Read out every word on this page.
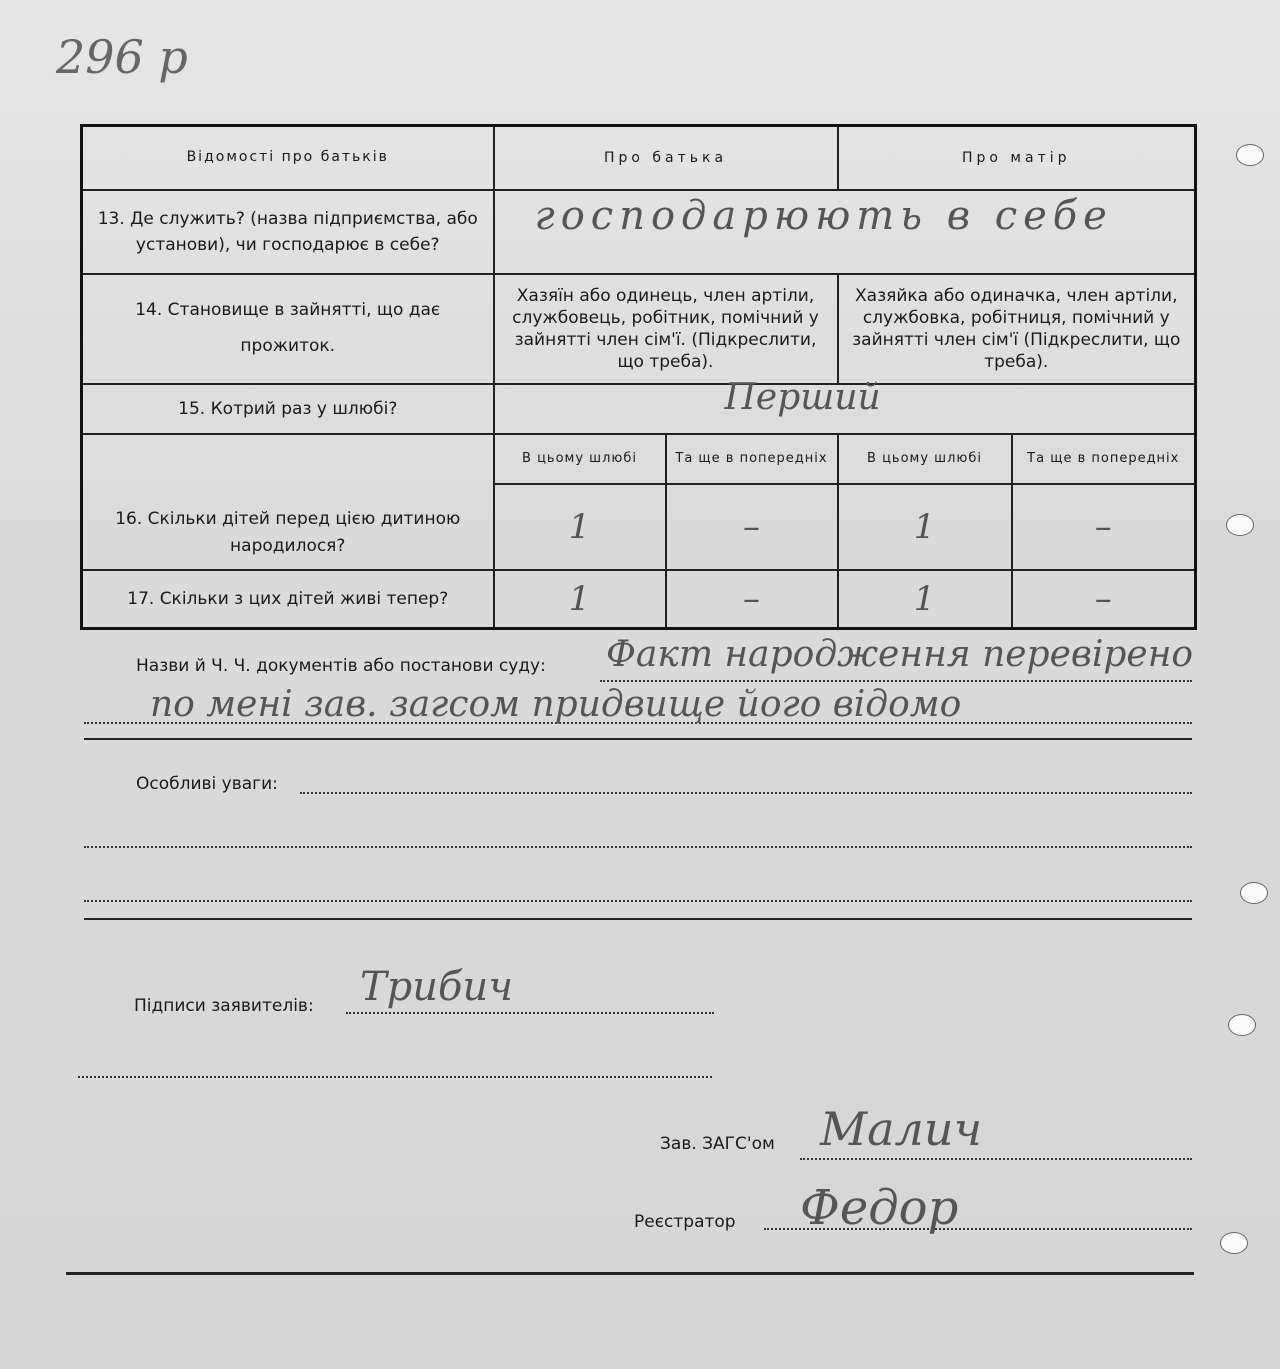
296 р
Відомості про батьків	Про батька		Про матір	
13. Де служить? (назва підприємства, або установи), чи господарює в себе?	господарюють в себе			

14. Становище в зайнятті, що дає прожиток.	Хазяїн або одинець, член артіли, службовець, робітник, помічний у зайнятті член сім'ї. (Підкреслити, що треба).		Хазяйка або одиначка, член артіли, службовка, робітниця, помічний у зайнятті член сім'ї (Підкреслити, що треба).	
15. Котрий раз у шлюбі?	Перший			

16. Скільки дітей перед цією дитиною народилося?	В цьому шлюбі	Та ще в попередніх	В цьому шлюбі	Та ще в попередніх
	1	–	1	–
17. Скільки з цих дітей живі тепер?	1	–	1	–
Назви й Ч. Ч. документів або постанови суду: Факт народження перевірено
по мені зав. загсом придвище його відомо
Особливі уваги:
Підписи заявителів: Трибич
Зав. ЗАГС'ом Малич
Реєстратор Федор
